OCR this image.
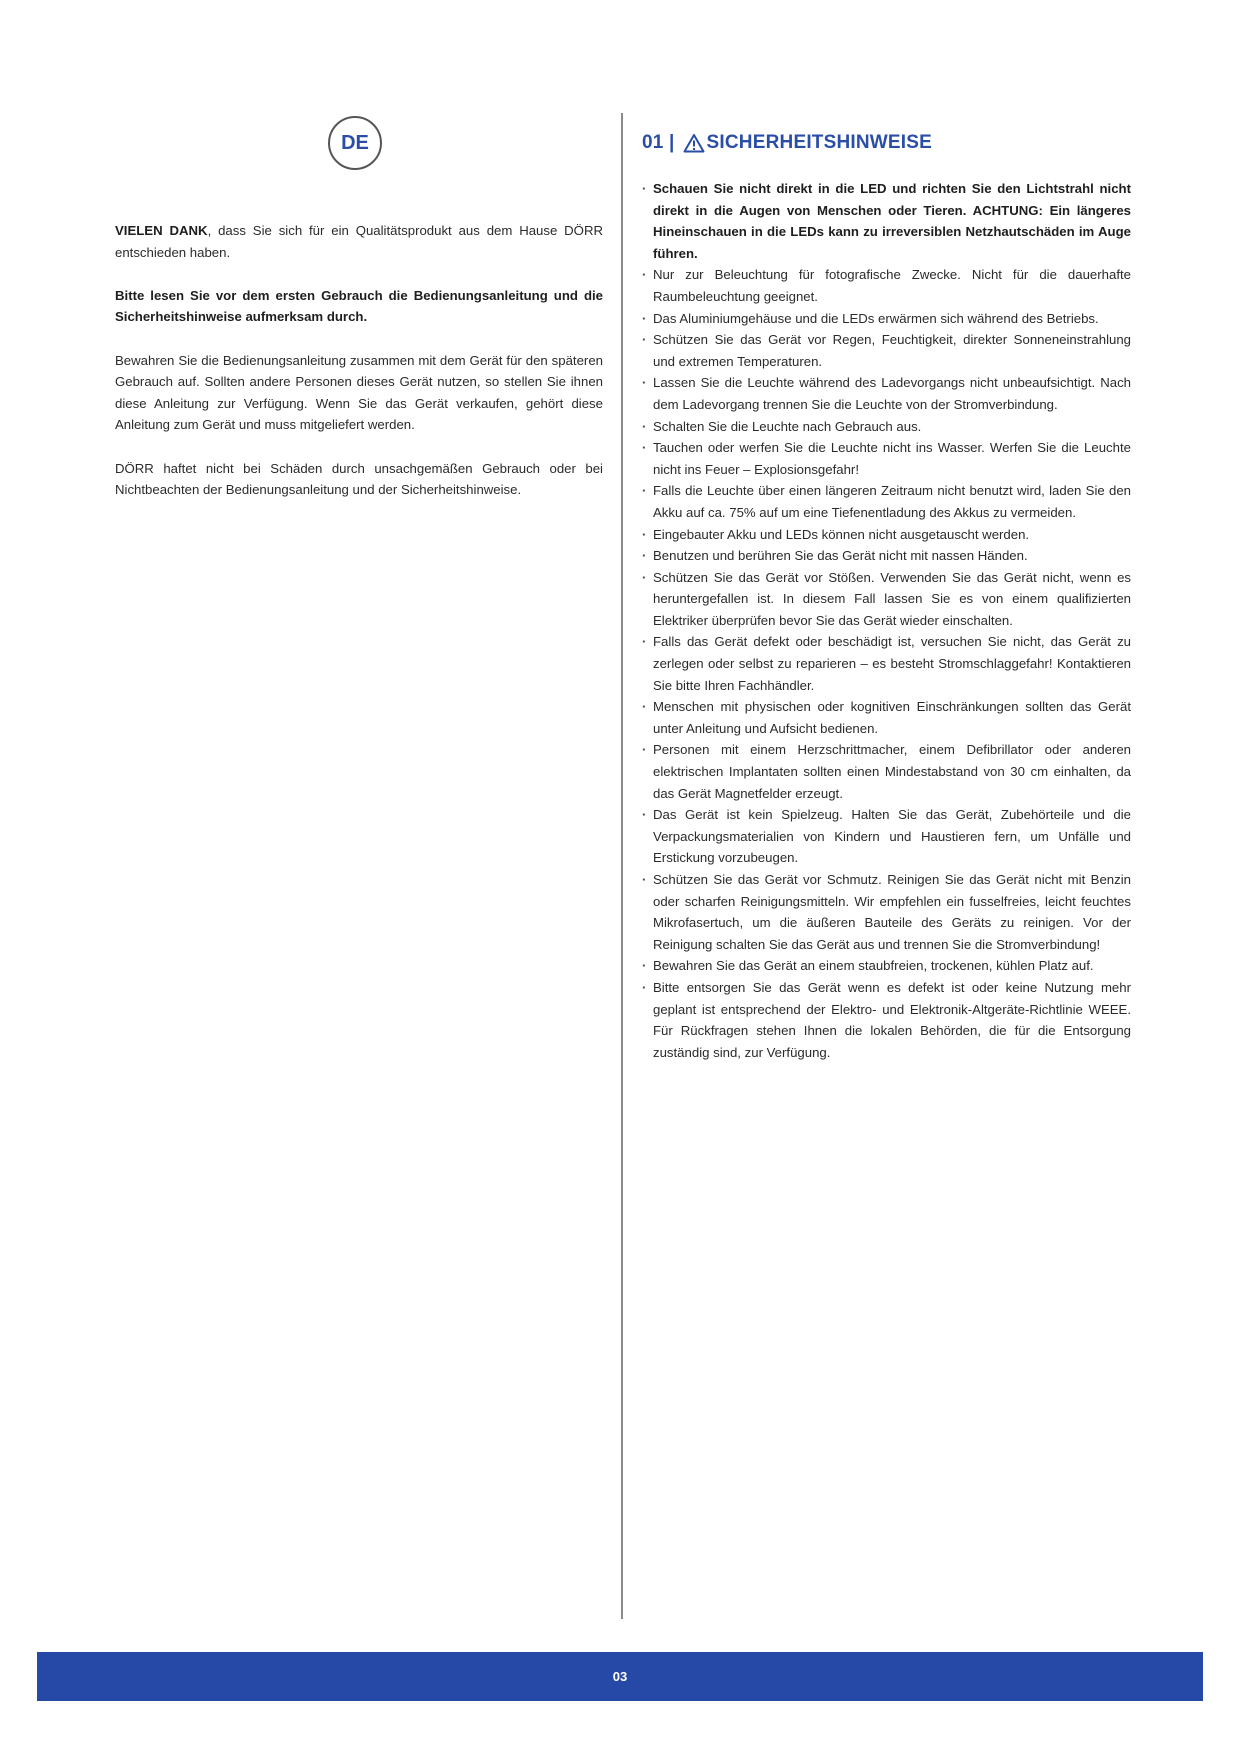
DE

VIELEN DANK, dass Sie sich für ein Qualitätsprodukt aus dem Hause DÖRR entschieden haben.

Bitte lesen Sie vor dem ersten Gebrauch die Bedienungsanleitung und die Sicherheitshinweise aufmerksam durch.

Bewahren Sie die Bedienungsanleitung zusammen mit dem Gerät für den späteren Gebrauch auf. Sollten andere Personen dieses Gerät nutzen, so stellen Sie ihnen diese Anleitung zur Verfügung. Wenn Sie das Gerät verkaufen, gehört diese Anleitung zum Gerät und muss mitgeliefert werden.

DÖRR haftet nicht bei Schäden durch unsachgemäßen Gebrauch oder bei Nichtbeachten der Bedienungsanleitung und der Sicherheitshinweise.

01 | SICHERHEITSHINWEISE
· Schauen Sie nicht direkt in die LED und richten Sie den Lichtstrahl nicht direkt in die Augen von Menschen oder Tieren. ACHTUNG: Ein längeres Hineinschauen in die LEDs kann zu irreversiblen Netzhautschäden im Auge führen.
· Nur zur Beleuchtung für fotografische Zwecke. Nicht für die dauerhafte Raumbeleuchtung geeignet.
· Das Aluminiumgehäuse und die LEDs erwärmen sich während des Betriebs.
· Schützen Sie das Gerät vor Regen, Feuchtigkeit, direkter Sonneneinstrahlung und extremen Temperaturen.
· Lassen Sie die Leuchte während des Ladevorgangs nicht unbeaufsichtigt. Nach dem Ladevorgang trennen Sie die Leuchte von der Stromverbindung.
· Schalten Sie die Leuchte nach Gebrauch aus.
· Tauchen oder werfen Sie die Leuchte nicht ins Wasser. Werfen Sie die Leuchte nicht ins Feuer – Explosionsgefahr!
· Falls die Leuchte über einen längeren Zeitraum nicht benutzt wird, laden Sie den Akku auf ca. 75% auf um eine Tiefenentladung des Akkus zu vermeiden.
· Eingebauter Akku und LEDs können nicht ausgetauscht werden.
· Benutzen und berühren Sie das Gerät nicht mit nassen Händen.
· Schützen Sie das Gerät vor Stößen. Verwenden Sie das Gerät nicht, wenn es heruntergefallen ist. In diesem Fall lassen Sie es von einem qualifizierten Elektriker überprüfen bevor Sie das Gerät wieder einschalten.
· Falls das Gerät defekt oder beschädigt ist, versuchen Sie nicht, das Gerät zu zerlegen oder selbst zu reparieren – es besteht Stromschlaggefahr! Kontaktieren Sie bitte Ihren Fachhändler.
· Menschen mit physischen oder kognitiven Einschränkungen sollten das Gerät unter Anleitung und Aufsicht bedienen.
· Personen mit einem Herzschrittmacher, einem Defibrillator oder anderen elektrischen Implantaten sollten einen Mindestabstand von 30 cm einhalten, da das Gerät Magnetfelder erzeugt.
· Das Gerät ist kein Spielzeug. Halten Sie das Gerät, Zubehörteile und die Verpackungsmaterialien von Kindern und Haustieren fern, um Unfälle und Erstickung vorzubeugen.
· Schützen Sie das Gerät vor Schmutz. Reinigen Sie das Gerät nicht mit Benzin oder scharfen Reinigungsmitteln. Wir empfehlen ein fusselfreies, leicht feuchtes Mikrofasertuch, um die äußeren Bauteile des Geräts zu reinigen. Vor der Reinigung schalten Sie das Gerät aus und trennen Sie die Stromverbindung!
· Bewahren Sie das Gerät an einem staubfreien, trockenen, kühlen Platz auf.
· Bitte entsorgen Sie das Gerät wenn es defekt ist oder keine Nutzung mehr geplant ist entsprechend der Elektro- und Elektronik-Altgeräte-Richtlinie WEEE. Für Rückfragen stehen Ihnen die lokalen Behörden, die für die Entsorgung zuständig sind, zur Verfügung.
03
